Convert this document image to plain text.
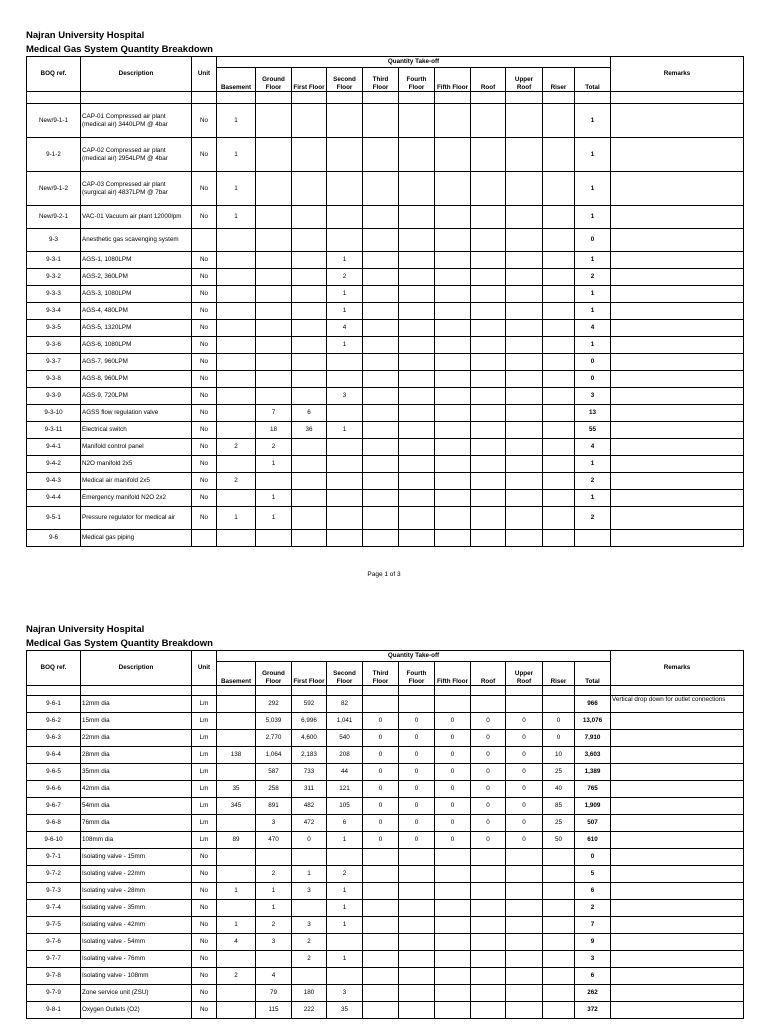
Najran University Hospital
Medical Gas System Quantity Breakdown
BOQ ref.	Description	Unit	Quantity Take-off											Remarks
			Basement	Ground Floor	First Floor	Second Floor	Third Floor	Fourth Floor	Fifth Floor	Roof	Upper Roof	Riser	Total	

New/9-1-1	CAP-01 Compressed air plant (medical air) 3440LPM @ 4bar	No	1										1	
9-1-2	CAP-02 Compressed air plant (medical air) 2954LPM @ 4bar	No	1										1	
New/9-1-2	CAP-03 Compressed air plant (surgical air) 4837LPM @ 7bar	No	1										1	
New/9-2-1	VAC-01 Vacuum air plant 12000lpm	No	1										1	
9-3	Anesthetic gas scavenging system												0	
9-3-1	AGS-1, 1080LPM	No				1							1	
9-3-2	AGS-2, 360LPM	No				2							2	
9-3-3	AGS-3, 1080LPM	No				1							1	
9-3-4	AGS-4, 480LPM	No				1							1	
9-3-5	AGS-5, 1320LPM	No				4							4	
9-3-6	AGS-6, 1080LPM	No				1							1	
9-3-7	AGS-7, 960LPM	No											0	
9-3-8	AGS-8, 960LPM	No											0	
9-3-9	AGS-9, 720LPM	No				3							3	
9-3-10	AGSS flow regulation valve	No		7	6								13	
9-3-11	Electrical switch	No		18	36	1							55	
9-4-1	Manifold control panel	No	2	2									4	
9-4-2	N2O manifold 2x5	No		1									1	
9-4-3	Medical air manifold 2x5	No	2										2	
9-4-4	Emergency manifold N2O 2x2	No		1									1	
9-5-1	Pressure regulator for medical air	No	1	1									2	
9-6	Medical gas piping													
Page 1 of 3
Najran University Hospital
Medical Gas System Quantity Breakdown
BOQ ref.	Description	Unit	Quantity Take-off											Remarks
			Basement	Ground Floor	First Floor	Second Floor	Third Floor	Fourth Floor	Fifth Floor	Roof	Upper Roof	Riser	Total	

9-6-1	12mm dia	Lm		292	592	82							966	Vertical drop down for outlet connections
9-6-2	15mm dia	Lm		5,039	6,996	1,041	0	0	0	0	0	0	13,076	
9-6-3	22mm dia	Lm		2,770	4,600	540	0	0	0	0	0	0	7,910	
9-6-4	28mm dia	Lm	138	1,064	2,183	208	0	0	0	0	0	10	3,603	
9-6-5	35mm dia	Lm		587	733	44	0	0	0	0	0	25	1,389	
9-6-6	42mm dia	Lm	35	258	311	121	0	0	0	0	0	40	765	
9-6-7	54mm dia	Lm	345	891	482	105	0	0	0	0	0	85	1,909	
9-6-8	76mm dia	Lm		3	472	6	0	0	0	0	0	25	507	
9-6-10	108mm dia	Lm	89	470	0	1	0	0	0	0	0	50	610	
9-7-1	Isolating valve - 15mm	No											0	
9-7-2	Isolating valve - 22mm	No		2	1	2							5	
9-7-3	Isolating valve - 28mm	No	1	1	3	1							6	
9-7-4	Isolating valve - 35mm	No		1		1							2	
9-7-5	Isolating valve - 42mm	No	1	2	3	1							7	
9-7-6	Isolating valve - 54mm	No	4	3	2								9	
9-7-7	Isolating valve - 76mm	No			2	1							3	
9-7-8	Isolating valve - 108mm	No	2	4									6	
9-7-9	Zone service unit (ZSU)	No		79	180	3							262	
9-8-1	Oxygen Outlets (O2)	No		115	222	35							372	
